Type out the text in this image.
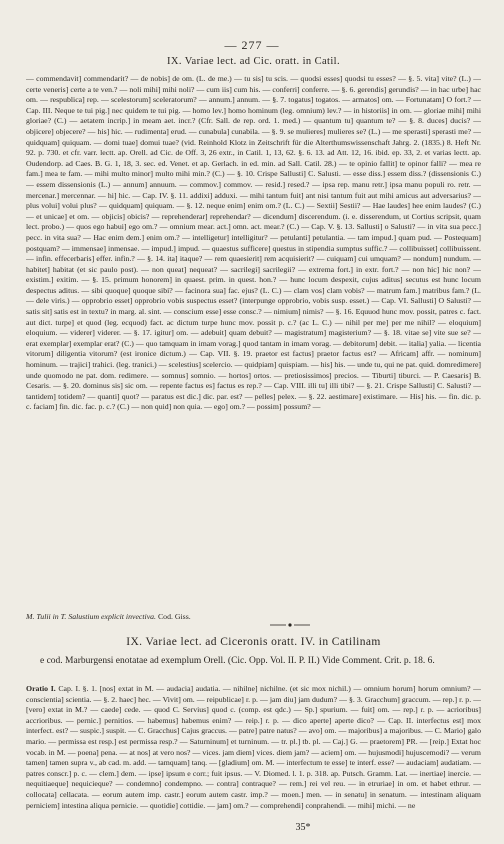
— 277 —
IX. Variae lect. ad Cic. oratt. in Catil.
— commendavit] commendarit? — de nobis] de om. (L. de me.) — tu sis] tu scis. — quodsi esses] quodsi tu esses? — §. 5. vita] vite? (L.) — certe veneris] certe a te ven.? — noli mihi] mihi noli? — cum iis] cum his. — conferri] conferre. — §. 6. gerendis] gerundis? — in hac urbe] hac om. — respublica] rep. — scelestorum] sceleratorum? — annum.] annum. — §. 7. togatus] togatos. — armatos] om. — Fortunatam] O fort.? — Cap. III. Neque te tui pig.] nec quidem te tui pig. — homo lev.] homo hominum (leg. omnium) lev.? — in historiis] in om. — gloriae mihi] mihi gloriae? (C.) — aetatem incrip.] in meam aet. incr.? (Cfr. Sall. de rep. ord. 1. med.) — quantum tu] quantum te? — §. 8. duces] ducis? — objicere] objecere? — his] hic. — rudimenta] erud. — cunabula] cunabila. — §. 9. se mulieres] mulieres se? (L.) — me sperasti] sperasti me? — quidquam] quiquam. — domi tuae] domui tuae? (vid. Reinhold Klotz in Zeitschrift für die Alterthumswissenschaft Jahrg. 2. (1835.) 8. Heft Nr. 92. p. 730. et cfr. varr. lectt. ap. Orell. ad Cic. de Off. 3, 26 extr., in Catil. 1, 13, 62. §. 6. 13. ad Att. 12, 16. ibid. ep. 33, 2. et varias lectt. ap. Oudendorp. ad Caes. B. G. 1, 18, 3. sec. ed. Venet. et ap. Gerlach. in ed. min. ad Sall. Catil. 28.) — te opinio fallit] te opinor falli? — mea re fam.] mea te fam. — mihi multo minor] multo mihi min.? (C.) — §. 10. Crispe Sallusti] C. Salusti. — esse diss.] essem diss.? (dissensionis C.) — essem dissensionis (L.) — annum] annuum. — commov.] commov. — resid.] resed.? — ipsa rep. manu retr.] ipsa manu populi ro. retr. — mercenar.] mercennar. — hi] hic. — Cap. IV. §. 11. addixi] adduxi. — mihi tantum fuit] ant nisi tantum fuit aut mihi amicus aut adversarius? — plus volui] volui plus? — quidquam] quiquam. — §. 12. neque enim] enim om.? (L. C.) — Sextii] Sestii? — Hae laudes] hee enim laudes? (C.) — et unicae] et om. — objicis] obicis? — reprehenderar] reprehendar? — dicendum] discerendum. (i. e. disserendum, ut Cortius scripsit, quam lect. probo.) — quos ego habui] ego om.? — omnium mear. act.] omn. act. mear.? (C.) — Cap. V. §. 13. Sallusti] o Salusti? — in vita sua pecc.] pecc. in vita sua? — Hac enim dem.] enim om.? — intelligetur] intelligitur? — petulanti] petulantia. — tam impud.] quam pud. — Postequam] postquam? — immensae] inmensae. — impud.] impud. — quaestus sufficere] questus in stipendia sumptus suffic.? — collibuisset] collibuissent. — infin. effecerbaris] effer. infin.? — §. 14. ita] itaque? — rem quaesierit] rem acquisierit? — cuiquam] cui umquam? — nondum] nundum. — habitet] habitat (et sic paulo post). — non queat] nequeat? — sacrilegi] sacrilegii? — extrema fort.] in extr. fort.? — non hic] hic non? — existim.] exitim. — §. 15. primum honorem] in quaest. prim. in quest. hon.? — hunc locum despexit, cujus aditus] secutus est hunc locum despectus aditus. — sibi quoque] quoque sibi? — facinora sua] fac. ejus? (L. C.) — clam vos] clam vobis? — matrum fam.] matribus fam.? (L. — dele viris.) — opprobrio esset] opprobrio vobis suspectus esset? (interpunge opprobrio, vobis susp. esset.) — Cap. VI. Sallusti] O Salusti? — satis sit] satis est in textu? in marg. al. sint. — conscium esse] esse consc.? — nimium] nimis? — §. 16. Equuod hunc mov. possit, patres c. fact. aut dict. turpe] et quod (leg. ecquod) fact. ac dictum turpe hunc mov. possit p. c.? (ac L. C.) — nihil per me] per me nihil? — eloquium] eloquium. — viderer] viderer. — §. 17. igitur] om. — adebuit] quam debuit? — magistratum] magisterium? — §. 18. vitae se] vite sue se? — erat exemplar] exemplar erat? (C.) — quo tamquam in imam vorag.] quod tantam in imam vorag. — debitorum] debit. — italia] yalia. — licentia vitorum] diligentia vitorum? (est ironice dictum.) — Cap. VII. §. 19. praetor est factus] praetor factus est? — Africam] affr. — nominum] hominum. — trajici] trahici. (leg. tranici.) — scelestius] scelercio. — quidpiam] quispiam. — his] his. — unde tu, qui ne pat. quid. domredimere] unde quomodo ne pat. dom. redimere. — somnus] somnio. — hortos] ortos. — pretiosissimos] precios. — Tiburti] tiburci. — P. Caesaris] B. Cesaris. — §. 20. dominus sis] sic om. — repente factus es] factus es rep.? — Cap. VIII. illi tu] illi tibi? — §. 21. Crispe Sallusti] C. Salusti? — tantidem] totidem? — quanti] quot? — paratus est dic.] dic. par. est? — pelles] pelex. — §. 22. aestimare] existimare. — His] his. — fin. dic. p. c. faciam] fin. dic. fac. p. c.? (C.) — non quid] non quia. — ego] om.? — possim] possum? —
M. Tulii in T. Salustium explicit invectiva. Cod. Giss.
IX. Variae lect. ad Ciceronis oratt. IV. in Catilinam
e cod. Marburgensi enotatae ad exemplum Orell. (Cic. Opp. Vol. II. P. II.) Vide Comment. Crit. p. 18. 6.
Oratio I. Cap. I. §. 1. [nos] extat in M. — audacia] audatia. — nihilne] nichilne. (et sic mox nichil.) — omnium horum] horum omnium? — conscientia] scientia. — §. 2. haec] hec. — Vivit] om. — reipublicae] r. p. — jam diu] jam dudum? — §. 3. Gracchum] graccum. — rep.] r. p. — [vero] extat in M.? — caede] cede. — quod C. Servius] quod c. (comp. est qdc.) — Sp.] spurium. — fuit] om. — rep.] r. p. — acrioribus] accrioribus. — pernic.] pernitios. — habemus] habemus enim? — reip.] r. p. — dico aperte] aperte dico? — Cap. II. interfectus est] mox interfect. est? — suspic.] suspit. — C. Gracchus] Cajus graccus. — patre] patre natus? — avo] om. — majoribus] a majoribus. — C. Mario] galo mario. — permissa est resp.] est permissa resp.? — Saturninum] et turninum. — tr. pl.] tb. pl. — Caj.] G. — praetorem] PR. — [reip.] Extat hoc vocab. in M. — poena] pena. — at nos] at vero nos? — vices. jam diem] vices. diem jam? — aciem] om. — hujusmodi] hujuscemodi? — verum tamen] tamen supra v., ab cad. m. add. — tamquam] tanq. — [gladium] om. M. — interfectum te esse] te interf. esse? — audaciam] audatiam. — patres conscr.] p. c. — clem.] dem. — ipse] ipsum e corr.; fuit ipsus. — V. Diomed. l. 1. p. 318. ap. Putsch. Gramm. Lat. — inertiae] inercie. — nequitiaeque] nequicieque? — condemno] condempno. — contra] contraque? — rem.] rei vel reu. — in etruriae] in om. et habet ethrur. — collocata] cellacata. — eorum autem imp. castr.] eorum autem castr. imp.? — moen.] men. — in senatu] in senatum. — intestinam aliquam perniciem] intestina aliqua pernicie. — quotidie] cottidie. — jam] om.? — comprehendi] conprahendi. — mihi] michi. — ne
35*
